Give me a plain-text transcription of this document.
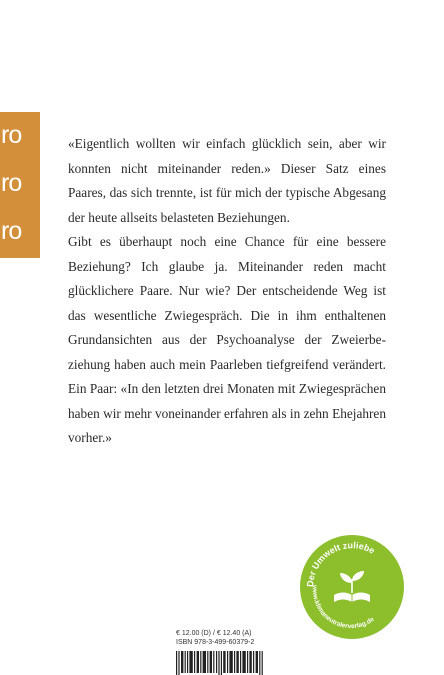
ro
ro
ro

«Eigentlich wollten wir einfach glücklich sein, aber wir konnten nicht miteinander reden.» Dieser Satz eines Paares, das sich trennte, ist für mich der typische Abgesang der heute allseits belasteten Beziehungen.

Gibt es überhaupt noch eine Chance für eine bessere Beziehung? Ich glaube ja. Miteinander reden macht glücklichere Paare. Nur wie? Der entscheidende Weg ist das wesentliche Zwiegespräch. Die in ihm enthaltenen Grundansichten aus der Psychoanalyse der Zweierbeziehung haben auch mein Paarleben tiefgreifend verändert. Ein Paar: «In den letzten drei Monaten mit Zwiegesprächen haben wir mehr voneinander erfahren als in zehn Ehejahren vorher.»

Der Umwelt zuliebe
www.klimaneutralerverlag.de
€ 12.00 (D) / € 12.40 (A)
ISBN 978-3-499-60379-2
